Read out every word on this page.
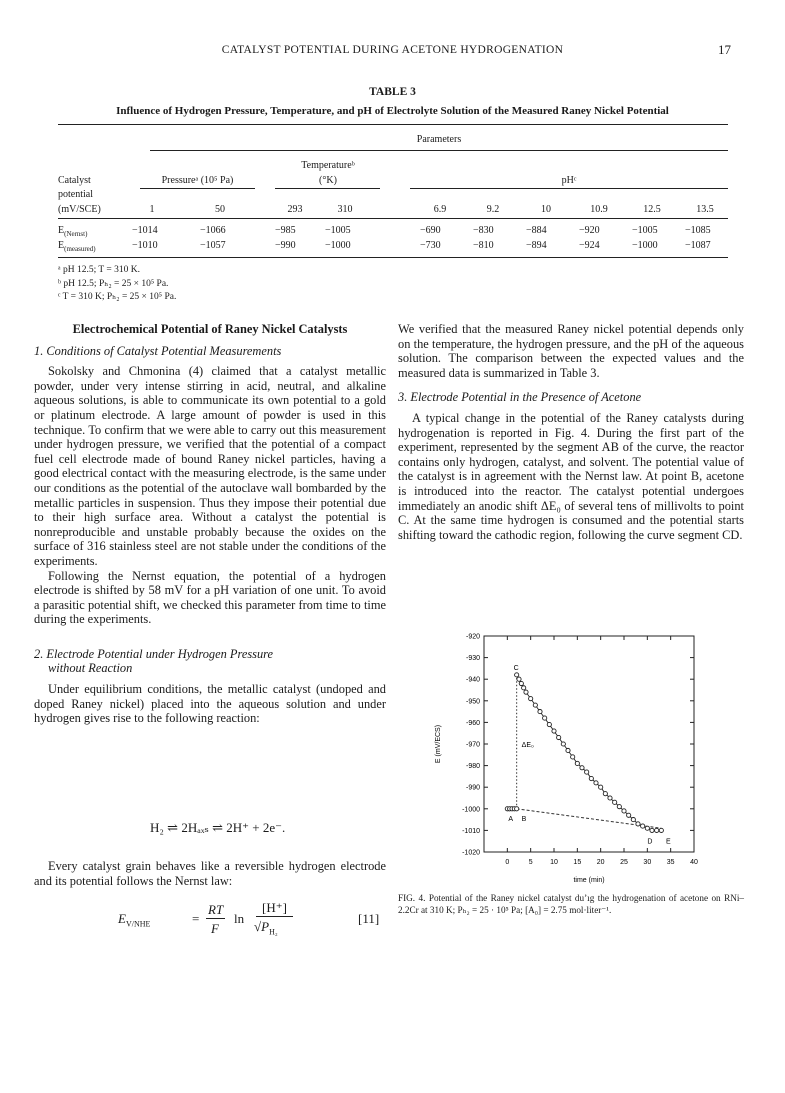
CATALYST POTENTIAL DURING ACETONE HYDROGENATION	17
TABLE 3
Influence of Hydrogen Pressure, Temperature, and pH of Electrolyte Solution of the Measured Raney Nickel Potential
Parameters
Temperatureᵇ
Catalyst	Pressureᵃ (10⁵ Pa)	(°K)	pHᶜ
potential
(mV/SCE)	1	50	293	310	6.9	9.2	10	10.9	12.5	13.5
$E_{(Nernst)}$	−1014	−1066	−985	−1005	−690	−830	−884	−920	−1005	−1085
$E_{(measured)}$	−1010	−1057	−990	−1000	−730	−810	−894	−924	−1000	−1087
ᵃ pH 12.5; T = 310 K.
ᵇ pH 12.5; Pₕ₂ = 25 × 10⁵ Pa.
ᶜ T = 310 K; Pₕ₂ = 25 × 10⁵ Pa.
Electrochemical Potential of Raney Nickel Catalysts
1. Conditions of Catalyst Potential Measurements

Sokolsky and Chmonina (4) claimed that a catalyst metallic powder, under very intense stirring in acid, neutral, and alkaline aqueous solutions, is able to communicate its own potential to a gold or platinum electrode. A large amount of powder is used in this technique. To confirm that we were able to carry out this measurement under hydrogen pressure, we verified that the potential of a compact fuel cell electrode made of bound Raney nickel particles, having a good electrical contact with the measuring electrode, is the same under our conditions as the potential of the autoclave wall bombarded by the metallic particles in suspension. Thus they impose their potential due to their high surface area. Without a catalyst the potential is nonreproducible and unstable probably because the oxides on the surface of 316 stainless steel are not stable under the conditions of the experiments.

Following the Nernst equation, the potential of a hydrogen electrode is shifted by 58 mV for a pH variation of one unit. To avoid a parasitic potential shift, we checked this parameter from time to time during the experiments.

2. Electrode Potential under Hydrogen Pressure
without Reaction

Under equilibrium conditions, the metallic catalyst (undoped and doped Raney nickel) placed into the aqueous solution and under hydrogen gives rise to the following reaction:

H₂ ⇌ 2Hₐₓₛ ⇌ 2H⁺ + 2e⁻.

Every catalyst grain behaves like a reversible hydrogen electrode and its potential follows the Nernst law:

$E_{V/NHE}$	=
RT
F
ln
[H⁺]
$√P_{H_2}$
[11]

We verified that the measured Raney nickel potential depends only on the temperature, the hydrogen pressure, and the pH of the aqueous solution. The comparison between the expected values and the measured data is summarized in Table 3.

3. Electrode Potential in the Presence of Acetone

A typical change in the potential of the Raney catalysts during hydrogenation is reported in Fig. 4. During the first part of the experiment, represented by the segment AB of the curve, the reactor contains only hydrogen, catalyst, and solvent. The potential value of the catalyst is in agreement with the Nernst law. At point B, acetone is introduced into the reactor. The catalyst potential undergoes immediately an anodic shift ΔE₀ of several tens of millivolts to point C. At the same time hydrogen is consumed and the potential starts shifting toward the cathodic region, following the curve segment CD.

-920
-930
-940
-950
-960
-970
-980
-990
-1000
-1010
-1020
0	5 10 15 20 25 30 35 40
time (min)
E (mV/ECS)
A B
C
D E
ΔE₀
FIG. 4. Potential of the Raney nickel catalyst du’ıg the hydrogenation of acetone on RNi–2.2Cr at 310 K; Pₕ₂ = 25 · 10⁵ Pa; [A₀] = 2.75 mol·liter⁻¹.
